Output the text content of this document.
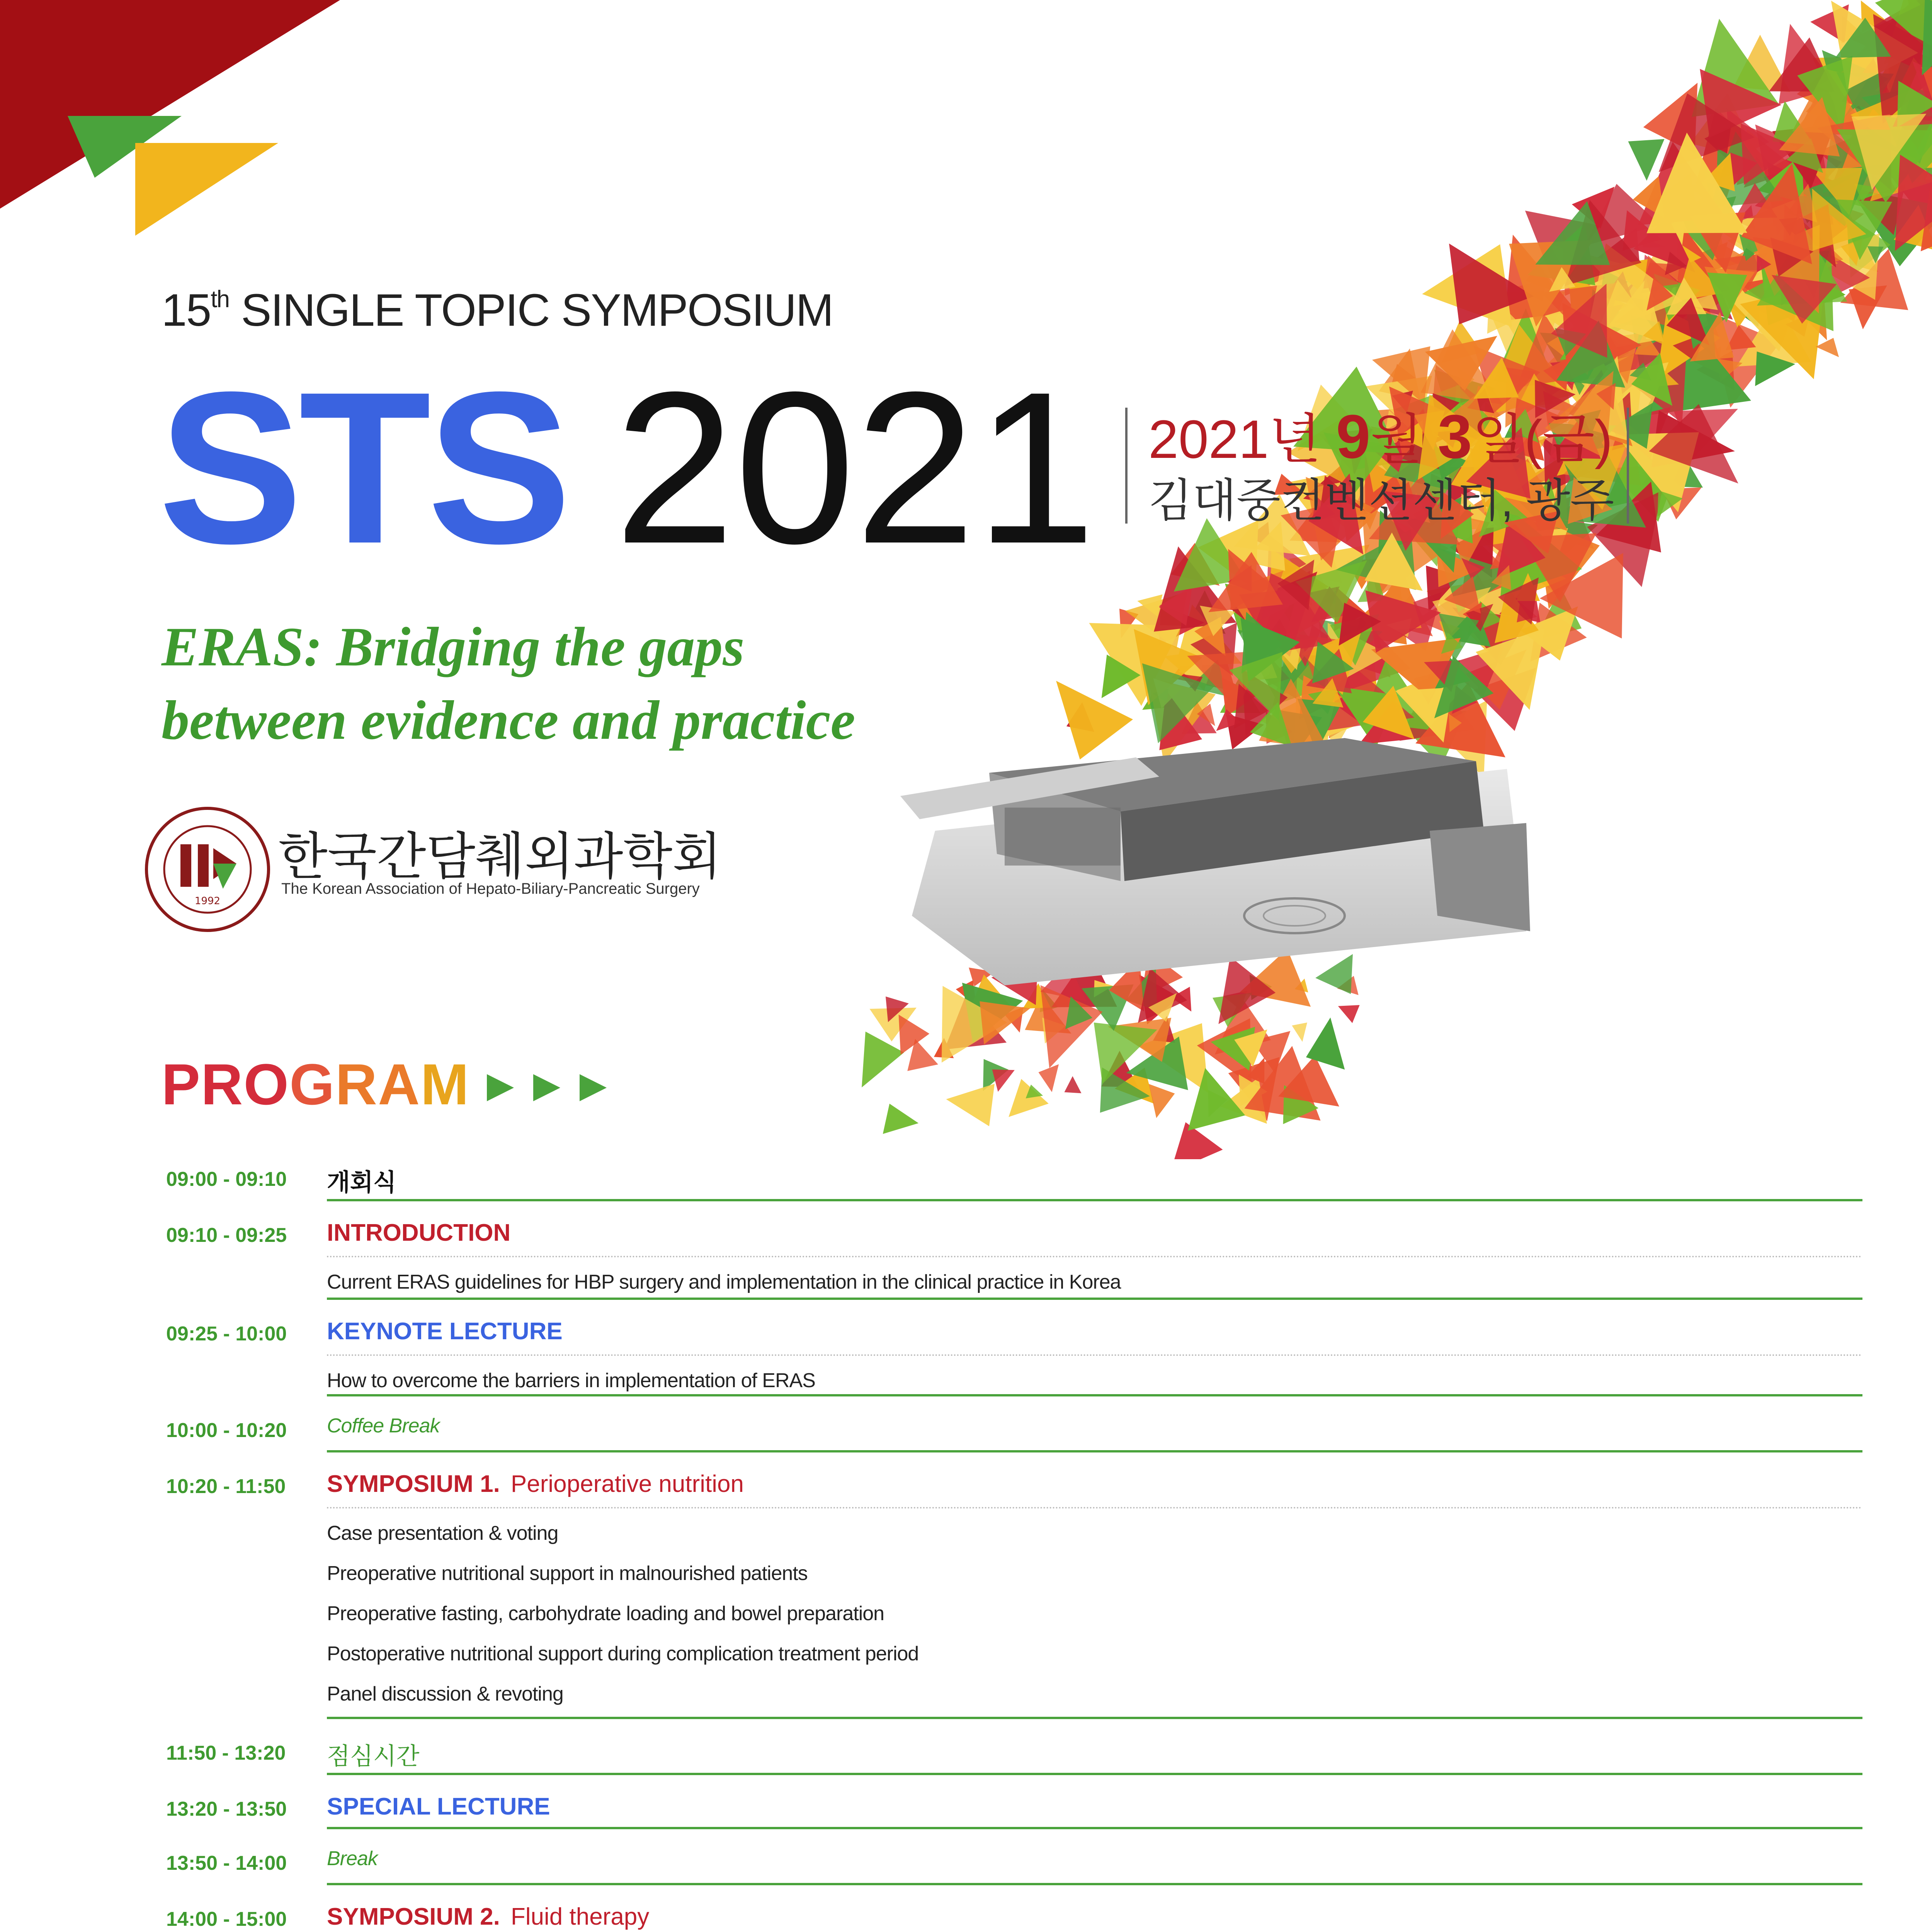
15th SINGLE TOPIC SYMPOSIUM
STS 2021 2021년 9월 3일(금)
김대중컨벤션센터, 광주
ERAS: Bridging the gaps
between evidence and practice
1992
한국간담췌외과학회
The Korean Association of Hepato-Biliary-Pancreatic Surgery
PROGRAM
09:00 - 09:10	개회식
09:10 - 09:25	INTRODUCTION
Current ERAS guidelines for HBP surgery and implementation in the clinical practice in Korea
09:25 - 10:00	KEYNOTE LECTURE
How to overcome the barriers in implementation of ERAS
10:00 - 10:20	Coffee Break
10:20 - 11:50	SYMPOSIUM 1. Perioperative nutrition
Case presentation & voting
Preoperative nutritional support in malnourished patients
Preoperative fasting, carbohydrate loading and bowel preparation
Postoperative nutritional support during complication treatment period
Panel discussion & revoting
11:50 - 13:20	점심시간
13:20 - 13:50	SPECIAL LECTURE
13:50 - 14:00	Break
14:00 - 15:00	SYMPOSIUM 2. Fluid therapy
